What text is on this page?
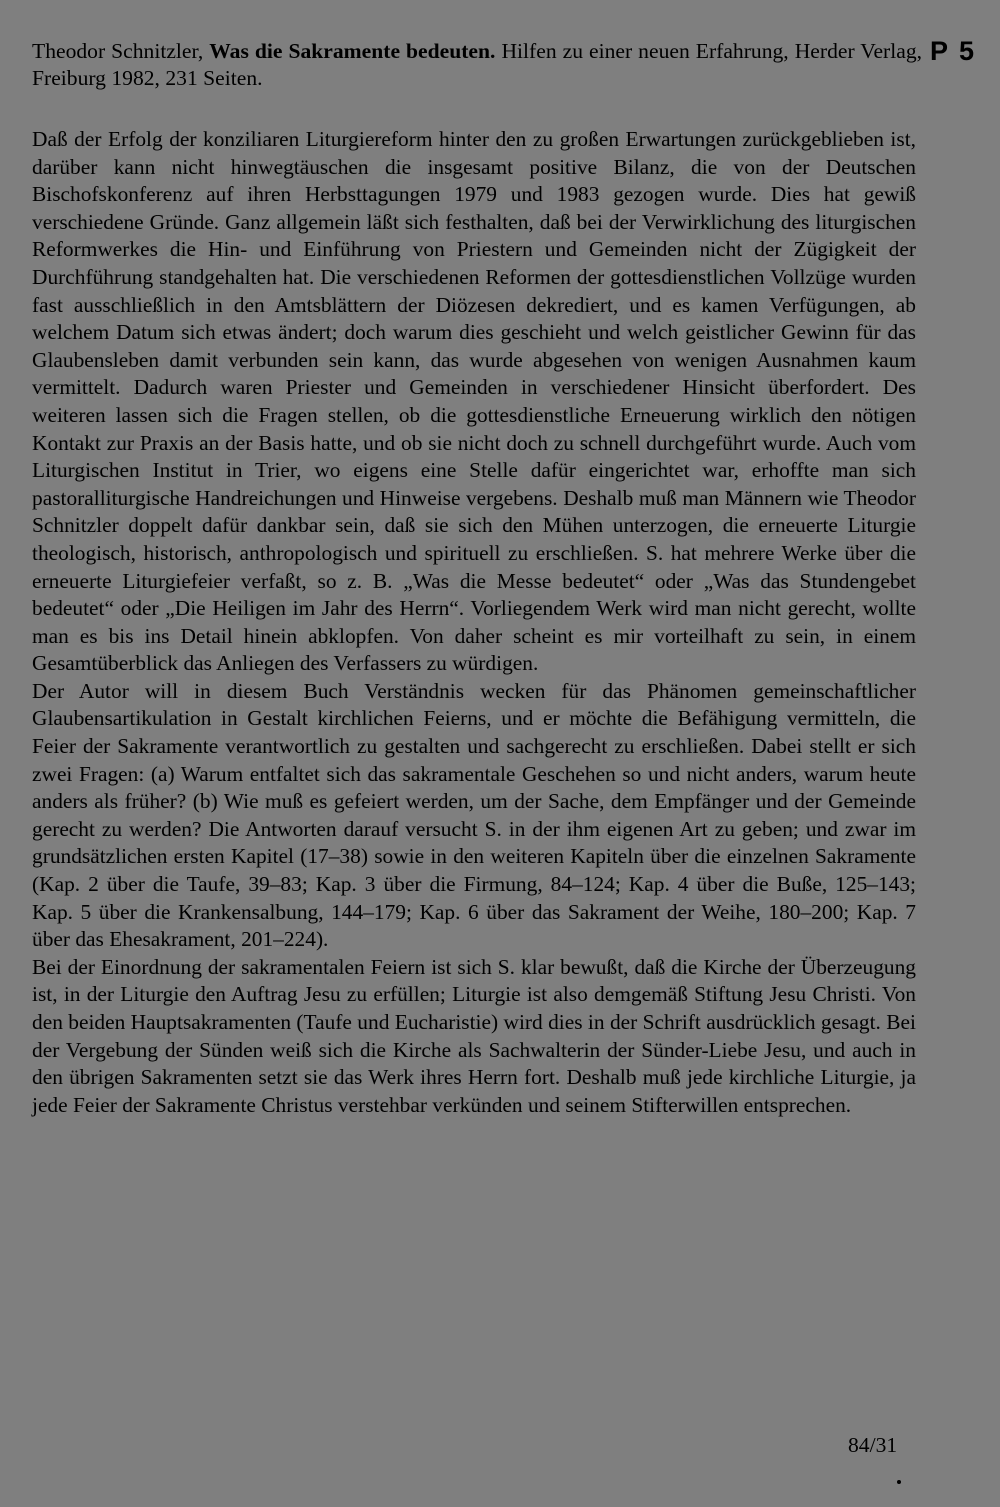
P 5
Theodor Schnitzler, Was die Sakramente bedeuten. Hilfen zu einer neuen Erfahrung, Herder Verlag, Freiburg 1982, 231 Seiten.

Daß der Erfolg der konziliaren Liturgiereform hinter den zu großen Erwartungen zurückgeblieben ist, darüber kann nicht hinwegtäuschen die insgesamt positive Bilanz, die von der Deutschen Bischofskonferenz auf ihren Herbsttagungen 1979 und 1983 gezogen wurde. Dies hat gewiß verschiedene Gründe. Ganz allgemein läßt sich festhalten, daß bei der Verwirklichung des liturgischen Reformwerkes die Hin- und Einführung von Priestern und Gemeinden nicht der Zügigkeit der Durchführung standgehalten hat. Die verschiedenen Reformen der gottesdienstlichen Vollzüge wurden fast ausschließlich in den Amtsblättern der Diözesen dekrediert, und es kamen Verfügungen, ab welchem Datum sich etwas ändert; doch warum dies geschieht und welch geistlicher Gewinn für das Glaubensleben damit verbunden sein kann, das wurde abgesehen von wenigen Ausnahmen kaum vermittelt. Dadurch waren Priester und Gemeinden in verschiedener Hinsicht überfordert. Des weiteren lassen sich die Fragen stellen, ob die gottesdienstliche Erneuerung wirklich den nötigen Kontakt zur Praxis an der Basis hatte, und ob sie nicht doch zu schnell durchgeführt wurde. Auch vom Liturgischen Institut in Trier, wo eigens eine Stelle dafür eingerichtet war, erhoffte man sich pastoralliturgische Handreichungen und Hinweise vergebens. Deshalb muß man Männern wie Theodor Schnitzler doppelt dafür dankbar sein, daß sie sich den Mühen unterzogen, die erneuerte Liturgie theologisch, historisch, anthropologisch und spirituell zu erschließen. S. hat mehrere Werke über die erneuerte Liturgiefeier verfaßt, so z. B. „Was die Messe bedeutet“ oder „Was das Stundengebet bedeutet“ oder „Die Heiligen im Jahr des Herrn“. Vorliegendem Werk wird man nicht gerecht, wollte man es bis ins Detail hinein abklopfen. Von daher scheint es mir vorteilhaft zu sein, in einem Gesamtüberblick das Anliegen des Verfassers zu würdigen.

Der Autor will in diesem Buch Verständnis wecken für das Phänomen gemeinschaftlicher Glaubensartikulation in Gestalt kirchlichen Feierns, und er möchte die Befähigung vermitteln, die Feier der Sakramente verantwortlich zu gestalten und sachgerecht zu erschließen. Dabei stellt er sich zwei Fragen: (a) Warum entfaltet sich das sakramentale Geschehen so und nicht anders, warum heute anders als früher? (b) Wie muß es gefeiert werden, um der Sache, dem Empfänger und der Gemeinde gerecht zu werden? Die Antworten darauf versucht S. in der ihm eigenen Art zu geben; und zwar im grundsätzlichen ersten Kapitel (17–38) sowie in den weiteren Kapiteln über die einzelnen Sakramente (Kap. 2 über die Taufe, 39–83; Kap. 3 über die Firmung, 84–124; Kap. 4 über die Buße, 125–143; Kap. 5 über die Krankensalbung, 144–179; Kap. 6 über das Sakrament der Weihe, 180–200; Kap. 7 über das Ehesakrament, 201–224).

Bei der Einordnung der sakramentalen Feiern ist sich S. klar bewußt, daß die Kirche der Überzeugung ist, in der Liturgie den Auftrag Jesu zu erfüllen; Liturgie ist also demgemäß Stiftung Jesu Christi. Von den beiden Hauptsakramenten (Taufe und Eucharistie) wird dies in der Schrift ausdrücklich gesagt. Bei der Vergebung der Sünden weiß sich die Kirche als Sachwalterin der Sünder-Liebe Jesu, und auch in den übrigen Sakramenten setzt sie das Werk ihres Herrn fort. Deshalb muß jede kirchliche Liturgie, ja jede Feier der Sakramente Christus verstehbar verkünden und seinem Stifterwillen entsprechen.

84/31
